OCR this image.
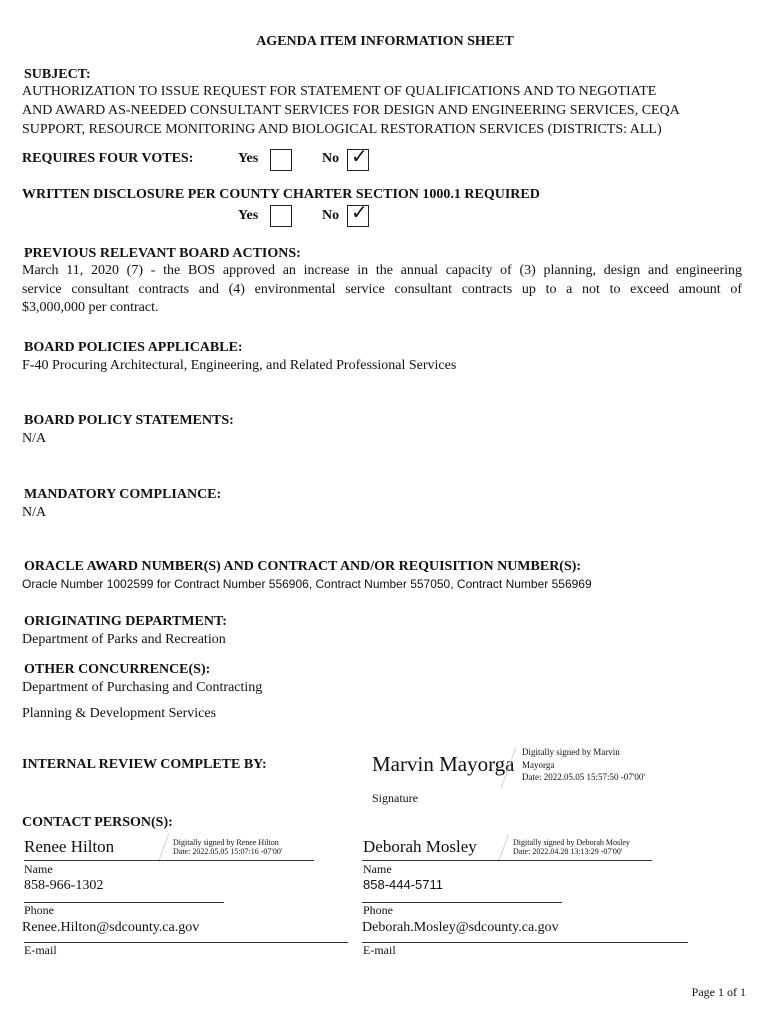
AGENDA ITEM INFORMATION SHEET
SUBJECT:
AUTHORIZATION TO ISSUE REQUEST FOR STATEMENT OF QUALIFICATIONS AND TO NEGOTIATE
AND AWARD AS-NEEDED CONSULTANT SERVICES FOR DESIGN AND ENGINEERING SERVICES, CEQA
SUPPORT, RESOURCE MONITORING AND BIOLOGICAL RESTORATION SERVICES (DISTRICTS: ALL)
REQUIRES FOUR VOTES:	Yes	No ✓
WRITTEN DISCLOSURE PER COUNTY CHARTER SECTION 1000.1 REQUIRED
Yes	No ✓
PREVIOUS RELEVANT BOARD ACTIONS:
March 11, 2020 (7) - the BOS approved an increase in the annual capacity of (3) planning, design and engineering
service consultant contracts and (4) environmental service consultant contracts up to a not to exceed amount of
$3,000,000 per contract.
BOARD POLICIES APPLICABLE:
F-40 Procuring Architectural, Engineering, and Related Professional Services
BOARD POLICY STATEMENTS:
N/A
MANDATORY COMPLIANCE:
N/A
ORACLE AWARD NUMBER(S) AND CONTRACT AND/OR REQUISITION NUMBER(S):
Oracle Number 1002599 for Contract Number 556906, Contract Number 557050, Contract Number 556969
ORIGINATING DEPARTMENT:
Department of Parks and Recreation
OTHER CONCURRENCE(S):
Department of Purchasing and Contracting
Planning & Development Services
INTERNAL REVIEW COMPLETE BY:	Marvin Mayorga Digitally signed by Marvin
Mayorga
Date: 2022.05.05 15:57:50 -07'00'
Signature
CONTACT PERSON(S):
Renee Hilton	Digitally signed by Renee Hilton
Date: 2022.05.05 15:07:16 -07'00'
Name
858-966-1302
Phone
Renee.Hilton@sdcounty.ca.gov
E-mail
Deborah Mosley	Digitally signed by Deborah Mosley
Date: 2022.04.28 13:13:29 -07'00'
Name
858-444-5711
Phone
Deborah.Mosley@sdcounty.ca.gov
E-mail
Page 1 of 1
